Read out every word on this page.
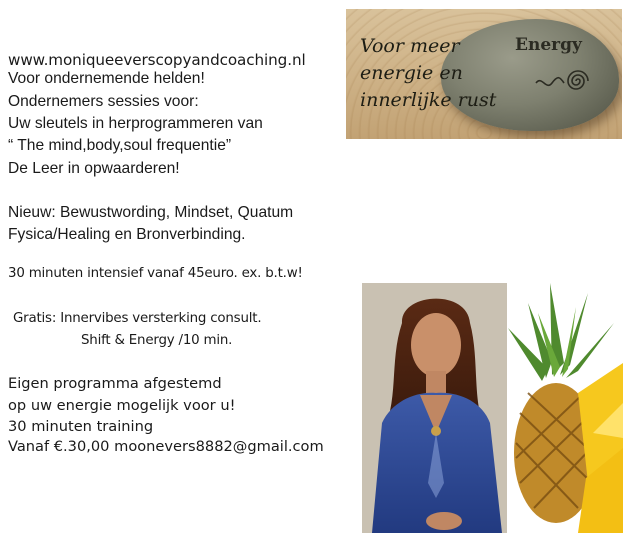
www.moniqueeverscopyandcoaching.nl
Voor ondernemende helden!
Ondernemers sessies voor:
Uw sleutels in herprogrammeren van
“ The mind,body,soul frequentie”
De Leer in opwaarderen!
Nieuw: Bewustwording, Mindset, Quatum
Fysica/Healing en Bronverbinding.
30 minuten intensief vanaf 45euro. ex. b.t.w!
Gratis: Innervibes versterking consult.
Shift & Energy /10 min.
Eigen programma afgestemd
op uw energie mogelijk voor u!
30 minuten training
Vanaf €.30,00 moonevers8882@gmail.com
Voor meer
energie en
innerlijke rust
Energy
